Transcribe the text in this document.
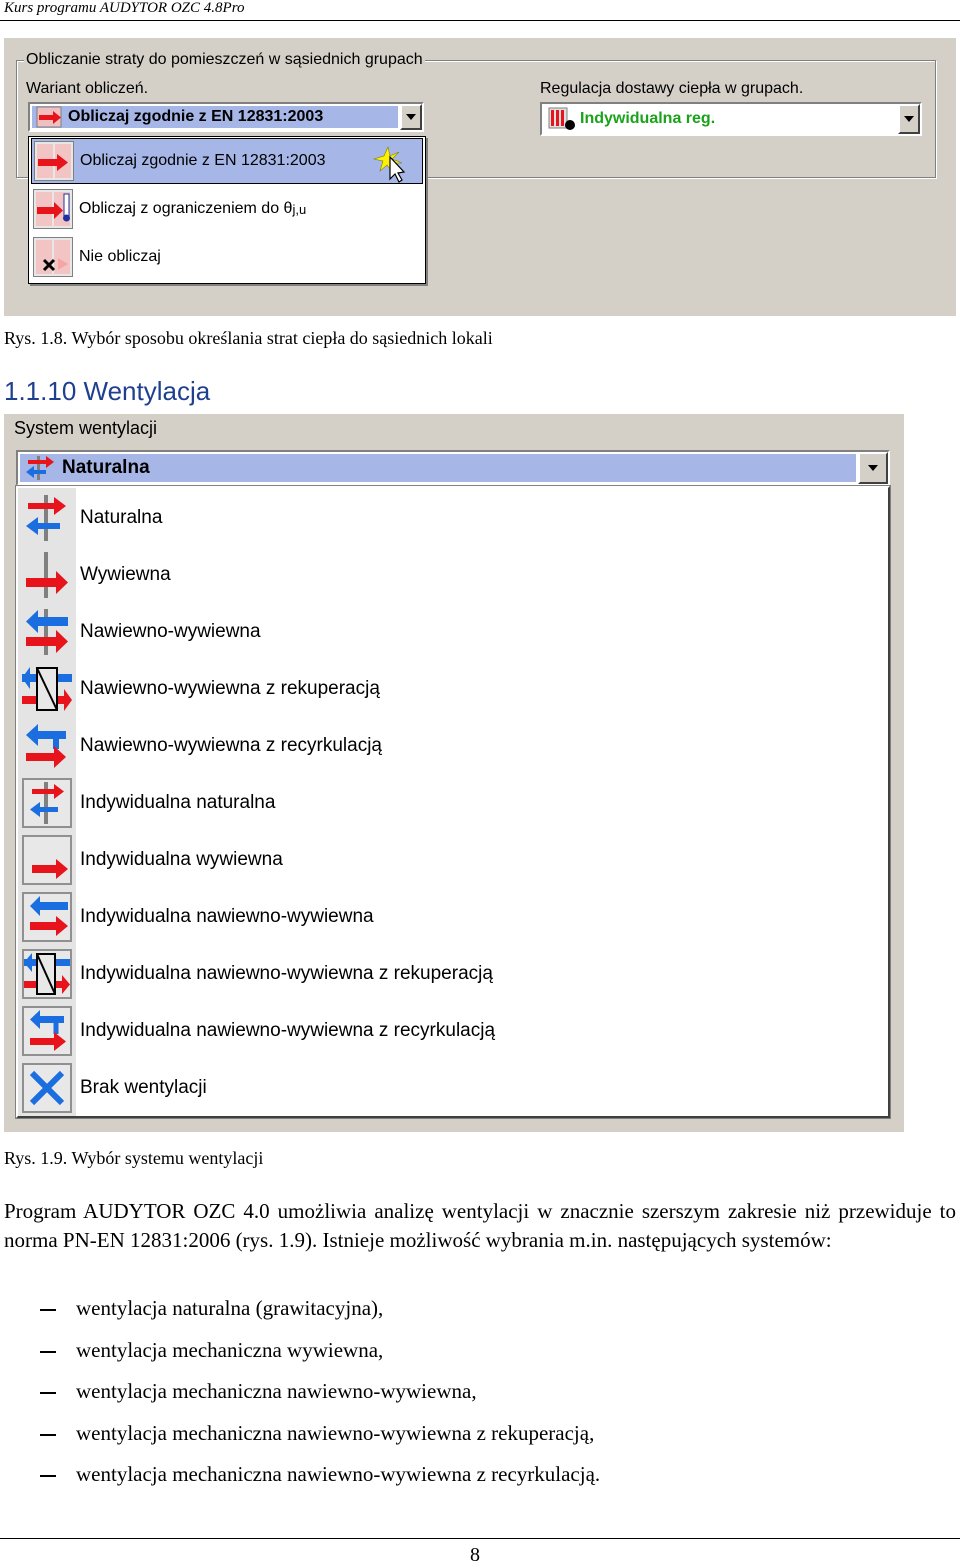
Kurs programu AUDYTOR OZC 4.8Pro
Obliczanie straty do pomieszczeń w sąsiednich grupach
Wariant obliczeń.
Obliczaj zgodnie z EN 12831:2003
Regulacja dostawy ciepła w grupach.
Indywidualna reg.
Obliczaj zgodnie z EN 12831:2003
Obliczaj z ograniczeniem do θ j,u
Nie obliczaj
Rys. 1.8. Wybór sposobu określania strat ciepła do sąsiednich lokali
1.1.10 Wentylacja
System wentylacji
Naturalna
Naturalna
Wywiewna
Nawiewno-wywiewna
Nawiewno-wywiewna z rekuperacją
Nawiewno-wywiewna z recyrkulacją
Indywidualna naturalna
Indywidualna wywiewna
Indywidualna nawiewno-wywiewna
Indywidualna nawiewno-wywiewna z rekuperacją
Indywidualna nawiewno-wywiewna z recyrkulacją
Brak wentylacji
Rys. 1.9. Wybór systemu wentylacji
Program AUDYTOR OZC 4.0 umożliwia analizę wentylacji w znacznie szerszym zakresie niż przewiduje to norma PN-EN 12831:2006 (rys. 1.9). Istnieje możliwość wybrania m.in. następujących systemów:
wentylacja naturalna (grawitacyjna),
wentylacja mechaniczna wywiewna,
wentylacja mechaniczna nawiewno-wywiewna,
wentylacja mechaniczna nawiewno-wywiewna z rekuperacją,
wentylacja mechaniczna nawiewno-wywiewna z recyrkulacją.
8
